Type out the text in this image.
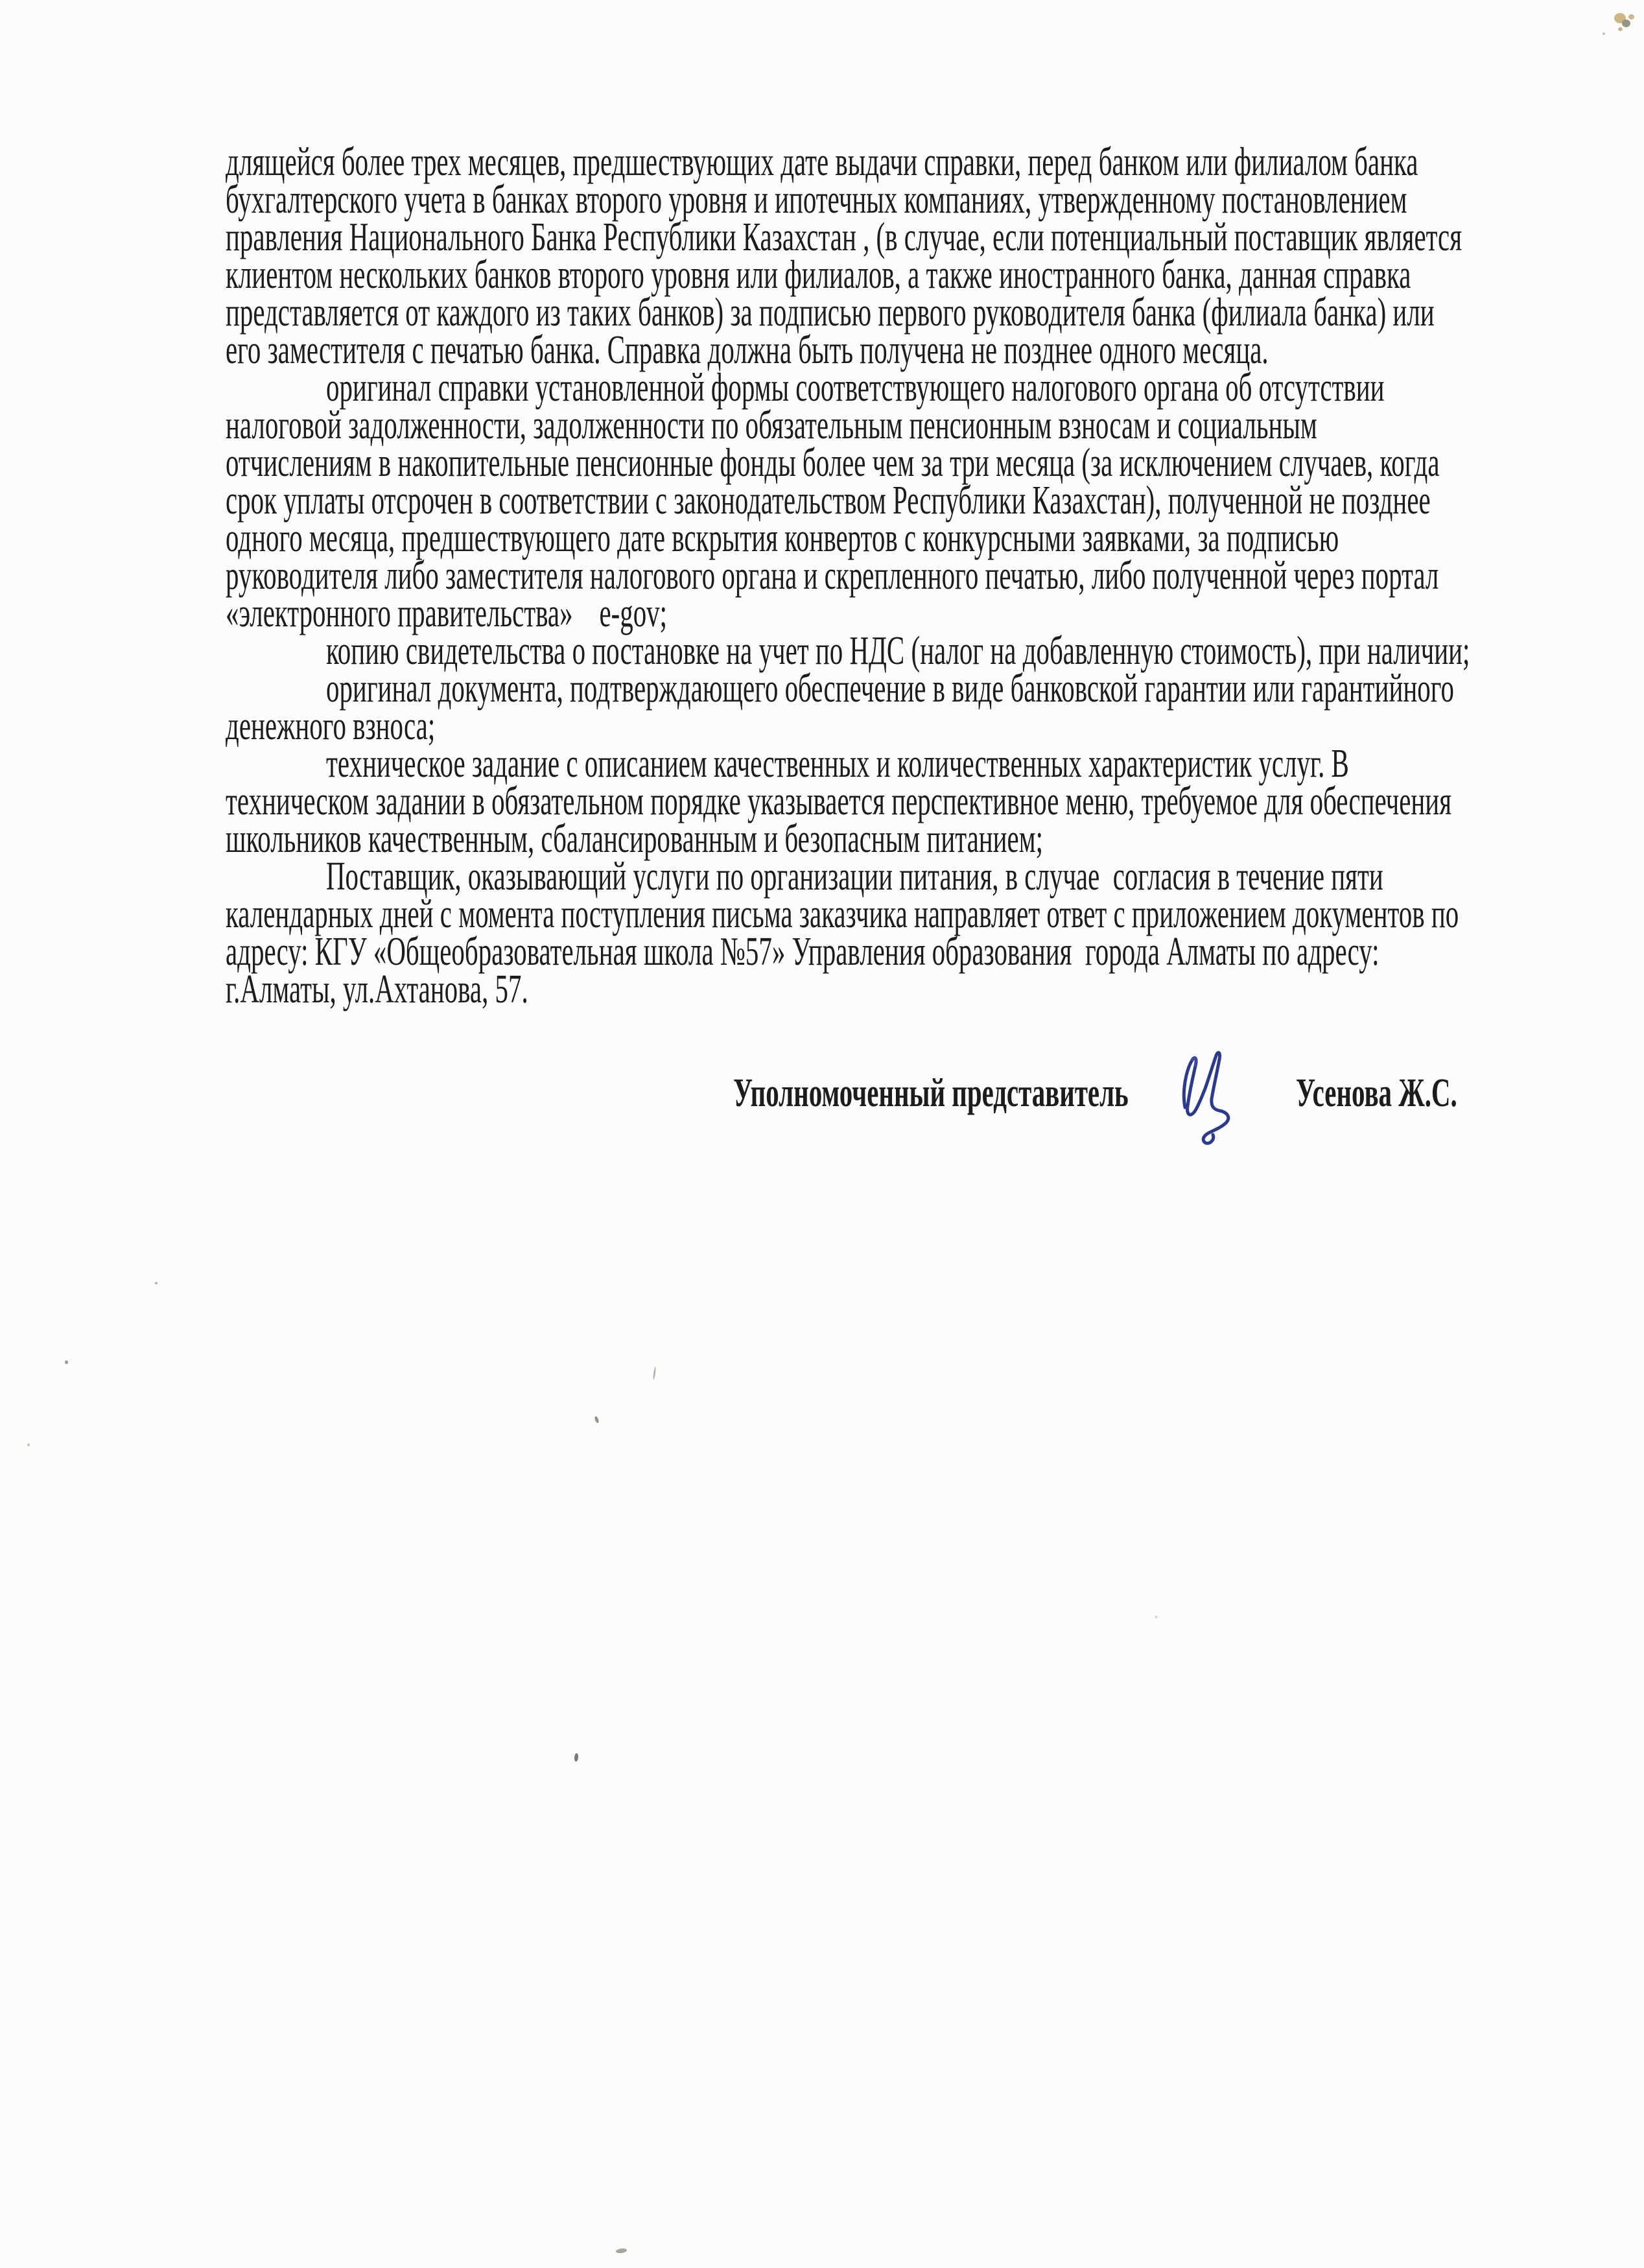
длящейся более трех месяцев, предшествующих дате выдачи справки, перед банком или филиалом банка
бухгалтерского учета в банках второго уровня и ипотечных компаниях, утвержденному постановлением
правления Национального Банка Республики Казахстан , (в случае, если потенциальный поставщик является
клиентом нескольких банков второго уровня или филиалов, а также иностранного банка, данная справка
представляется от каждого из таких банков) за подписью первого руководителя банка (филиала банка) или
его заместителя с печатью банка. Справка должна быть получена не позднее одного месяца.
оригинал справки установленной формы соответствующего налогового органа об отсутствии
налоговой задолженности, задолженности по обязательным пенсионным взносам и социальным
отчислениям в накопительные пенсионные фонды более чем за три месяца (за исключением случаев, когда
срок уплаты отсрочен в соответствии с законодательством Республики Казахстан), полученной не позднее
одного месяца, предшествующего дате вскрытия конвертов с конкурсными заявками, за подписью
руководителя либо заместителя налогового органа и скрепленного печатью, либо полученной через портал
«электронного правительства»    e-gov;
копию свидетельства о постановке на учет по НДС (налог на добавленную стоимость), при наличии;
оригинал документа, подтверждающего обеспечение в виде банковской гарантии или гарантийного
денежного взноса;
техническое задание с описанием качественных и количественных характеристик услуг. В
техническом задании в обязательном порядке указывается перспективное меню, требуемое для обеспечения
школьников качественным, сбалансированным и безопасным питанием;
Поставщик, оказывающий услуги по организации питания, в случае  согласия в течение пяти
календарных дней с момента поступления письма заказчика направляет ответ с приложением документов по
адресу: КГУ «Общеобразовательная школа №57» Управления образования  города Алматы по адресу:
г.Алматы, ул.Ахтанова, 57.
Уполномоченный представитель	Усенова Ж.С.
